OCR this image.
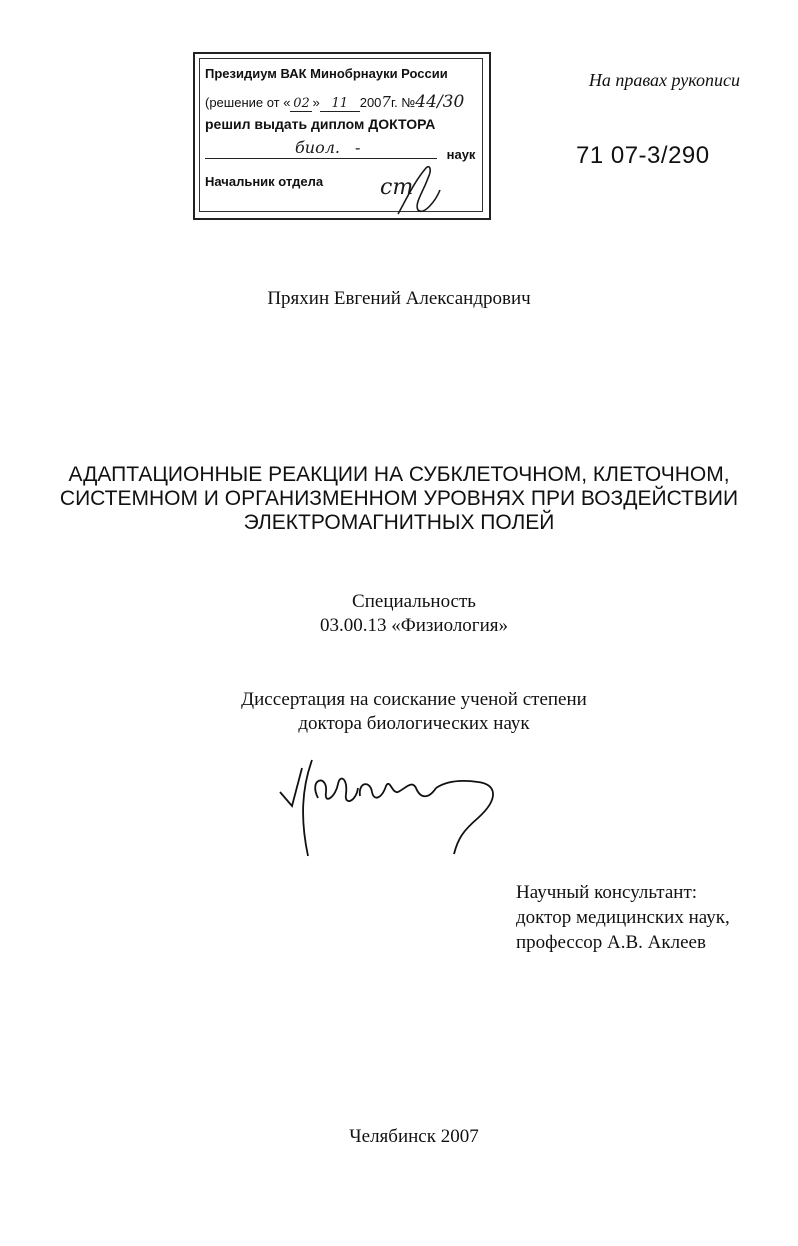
Президиум ВАК Минобрнауки России
(решение от « 02 » 11 2007г. №44/30
решил выдать диплом ДОКТОРА
биол. -	наук
Начальник отдела	ст
На правах рукописи
71 07-3/290
Пряхин Евгений Александрович
АДАПТАЦИОННЫЕ РЕАКЦИИ НА СУБКЛЕТОЧНОМ, КЛЕТОЧНОМ,
СИСТЕМНОМ И ОРГАНИЗМЕННОМ УРОВНЯХ ПРИ ВОЗДЕЙСТВИИ
ЭЛЕКТРОМАГНИТНЫХ ПОЛЕЙ
Специальность
03.00.13 «Физиология»
Диссертация на соискание ученой степени
доктора биологических наук
Научный консультант:
доктор медицинских наук,
профессор А.В. Аклеев
Челябинск 2007
